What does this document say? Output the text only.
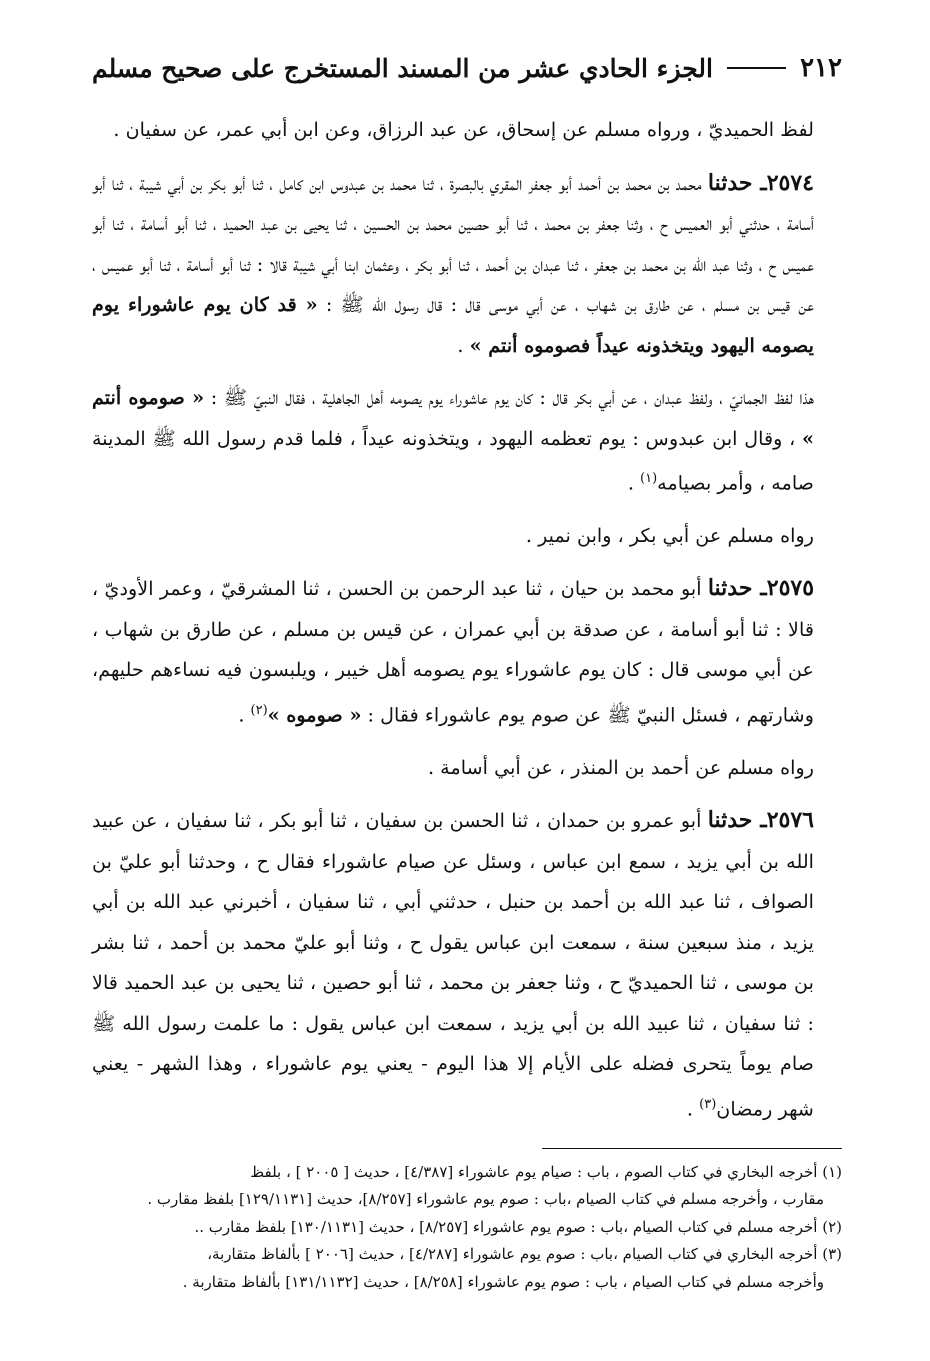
٢١٢
الجزء الحادي عشر من المسند المستخرج على صحيح مسلم

لفظ الحميديّ ، ورواه مسلم عن إسحاق، عن عبد الرزاق، وعن ابن أبي عمر، عن سفيان .

٢٥٧٤ـ حدثنا محمد بن محمد بن أحمد أبو جعفر المقري بالبصرة ، ثنا محمد بن عبدوس ابن كامل ، ثنا أبو بكر بن أبي شيبة ، ثنا أبو أسامة ، حدثني أبو العميس ح ، وثنا جعفر بن محمد ، ثنا أبو حصين محمد بن الحسين ، ثنا يحيى بن عبد الحميد ، ثنا أبو أسامة ، ثنا أبو عميس ح ، وثنا عبد الله بن محمد بن جعفر ، ثنا عبدان بن أحمد ، ثنا أبو بكر ، وعثمان ابنا أبي شيبة قالا : ثنا أبو أسامة ، ثنا أبو عميس ، عن قيس بن مسلم ، عن طارق بن شهاب ، عن أبي موسى قال : قال رسول الله ﷺ : « قد كان يوم عاشوراء يوم يصومه اليهود ويتخذونه عيداً فصوموه أنتم » .

هذا لفظ الجمانيّ ، ولفظ عبدان ، عن أبي بكر قال : كان يوم عاشوراء يوم يصومه أهل الجاهلية ، فقال النبيّ ﷺ : « صوموه أنتم » ، وقال ابن عبدوس : يوم تعظمه اليهود ، ويتخذونه عيداً ، فلما قدم رسول الله ﷺ المدينة صامه ، وأمر بصيامه$^{(١)}$ .

رواه مسلم عن أبي بكر ، وابن نمير .

٢٥٧٥ـ حدثنا أبو محمد بن حيان ، ثنا عبد الرحمن بن الحسن ، ثنا المشرقيّ ، وعمر الأوديّ ، قالا : ثنا أبو أسامة ، عن صدقة بن أبي عمران ، عن قيس بن مسلم ، عن طارق بن شهاب ، عن أبي موسى قال : كان يوم عاشوراء يوم يصومه أهل خيبر ، ويلبسون فيه نساءهم حليهم، وشارتهم ، فسئل النبيّ ﷺ عن صوم يوم عاشوراء فقال : « صوموه »$^{(٢)}$ .

رواه مسلم عن أحمد بن المنذر ، عن أبي أسامة .

٢٥٧٦ـ حدثنا أبو عمرو بن حمدان ، ثنا الحسن بن سفيان ، ثنا أبو بكر ، ثنا سفيان ، عن عبيد الله بن أبي يزيد ، سمع ابن عباس ، وسئل عن صيام عاشوراء فقال ح ، وحدثنا أبو عليّ بن الصواف ، ثنا عبد الله بن أحمد بن حنبل ، حدثني أبي ، ثنا سفيان ، أخبرني عبد الله بن أبي يزيد ، منذ سبعين سنة ، سمعت ابن عباس يقول ح ، وثنا أبو عليّ محمد بن أحمد ، ثنا بشر بن موسى ، ثنا الحميديّ ح ، وثنا جعفر بن محمد ، ثنا أبو حصين ، ثنا يحيى بن عبد الحميد قالا : ثنا سفيان ، ثنا عبيد الله بن أبي يزيد ، سمعت ابن عباس يقول : ما علمت رسول الله ﷺ صام يوماً يتحرى فضله على الأيام إلا هذا اليوم - يعني يوم عاشوراء ، وهذا الشهر - يعني شهر رمضان$^{(٣)}$ .

(١) أخرجه البخاري في كتاب الصوم ، باب : صيام يوم عاشوراء [٤/٣٨٧] ، حديث [ ٢٠٠٥ ] ، بلفظ
مقارب ، وأخرجه مسلم في كتاب الصيام ،باب : صوم يوم عاشوراء [٨/٢٥٧]، حديث [١٢٩/١١٣١] بلفظ مقارب .

(٢) أخرجه مسلم في كتاب الصيام ،باب : صوم يوم عاشوراء [٨/٢٥٧] ، حديث [١٣٠/١١٣١] بلفظ مقارب ..

(٣) أخرجه البخاري في كتاب الصيام ،باب : صوم يوم عاشوراء [٤/٢٨٧] ، حديث [٢٠٠٦ ] بألفاظ متقاربة،
وأخرجه مسلم في كتاب الصيام ، باب : صوم يوم عاشوراء [٨/٢٥٨] ، حديث [١٣١/١١٣٢] بألفاظ متقاربة .
